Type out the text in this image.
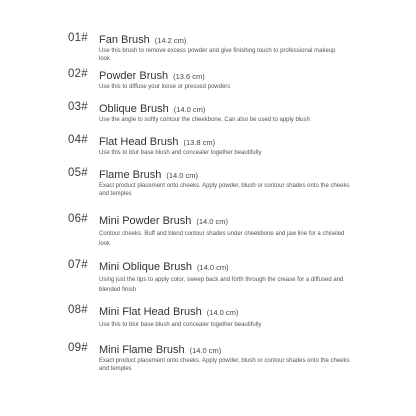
01# Fan Brush (14.2 cm)
Use this brush to remove excess powder and give finishing touch to professional makeup look
02# Powder Brush (13.6 cm)
Use this to diffuse your loose or pressed powders
03# Oblique Brush (14.0 cm)
Use the angle to softly contour the cheekbone. Can also be used to apply blush
04# Flat Head Brush (13.8 cm)
Use this to blur base blush and concealer together beautifully
05# Flame Brush (14.0 cm)
Exact product placement onto cheeks. Apply powder, blush or contour shades onto the cheeks and temples
06# Mini Powder Brush (14.0 cm)
Contour cheeks. Buff and blend contour shades under cheekbone and jaw line for a chiseled look
07# Mini Oblique Brush (14.0 cm)
Using just the tips to apply color, sweep back and forth through the crease for a diffused and blended finish
08# Mini Flat Head Brush (14.0 cm)
Use this to blur base blush and concealer together beautifully
09# Mini Flame Brush (14.0 cm)
Exact product placement onto cheeks. Apply powder, blush or contour shades onto the cheeks and temples
